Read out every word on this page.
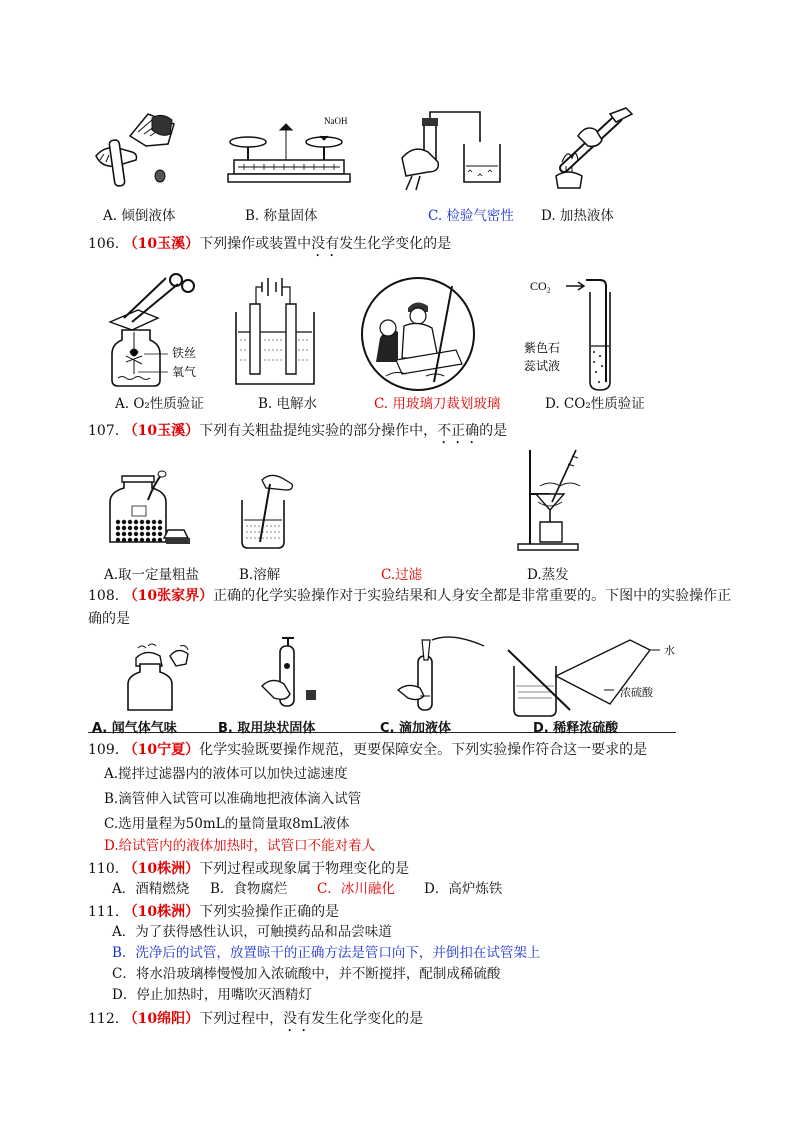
NaOH
A. 倾倒液体	B. 称量固体	C. 检验气密性 D. 加热液体
106. （10玉溪）下列操作或装置中没有发生化学变化的是
铁丝
氧气
CO₂
紫色石
蕊试液
A. O₂性质验证	B. 电解水	C. 用玻璃刀裁划玻璃	D. CO₂性质验证
107. （10玉溪）下列有关粗盐提纯实验的部分操作中，不正确的是
A.取一定量粗盐	B.溶解	C.过滤	D.蒸发
108. （10张家界）正确的化学实验操作对于实验结果和人身安全都是非常重要的。下图中的实验操作正
确的是
水
浓硫酸
A. 闻气体气味	B. 取用块状固体	C. 滴加液体	D. 稀释浓硫酸
109. （10宁夏）化学实验既要操作规范，更要保障安全。下列实验操作符合这一要求的是
A.搅拌过滤器内的液体可以加快过滤速度
B.滴管伸入试管可以准确地把液体滴入试管
C.选用量程为50mL的量筒量取8mL液体
D.给试管内的液体加热时，试管口不能对着人
110. （10株洲）下列过程或现象属于物理变化的是
A．酒精燃烧 B．食物腐烂 C．冰川融化 D．高炉炼铁
111. （10株洲）下列实验操作正确的是
A．为了获得感性认识，可触摸药品和品尝味道
B．洗净后的试管，放置晾干的正确方法是管口向下，并倒扣在试管架上
C．将水沿玻璃棒慢慢加入浓硫酸中，并不断搅拌，配制成稀硫酸
D．停止加热时，用嘴吹灭酒精灯
112. （10绵阳）下列过程中，没有发生化学变化的是
